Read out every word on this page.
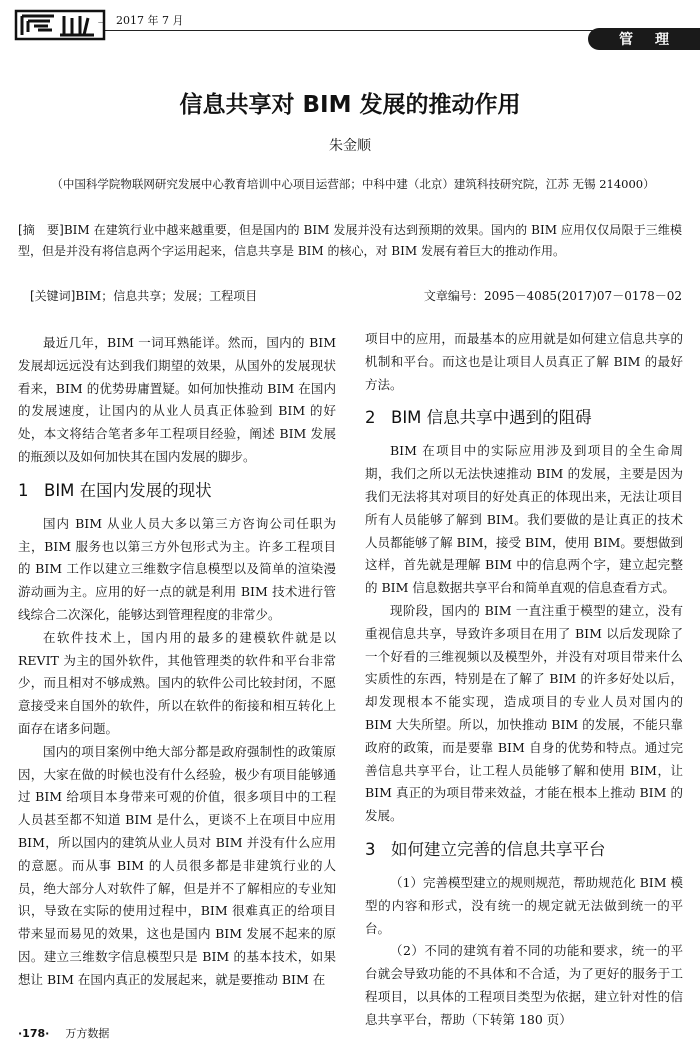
— 2017 年 7 月
管理
信息共享对 BIM 发展的推动作用
朱金顺
（中国科学院物联网研究发展中心教育培训中心项目运营部；中科中建（北京）建筑科技研究院，江苏 无锡 214000）
[摘　要]BIM 在建筑行业中越来越重要，但是国内的 BIM 发展并没有达到预期的效果。国内的 BIM 应用仅仅局限于三维模型，但是并没有将信息两个字运用起来，信息共享是 BIM 的核心，对 BIM 发展有着巨大的推动作用。
[关键词]BIM；信息共享；发展；工程项目	文章编号：2095－4085(2017)07－0178－02

最近几年，BIM 一词耳熟能详。然而，国内的 BIM 发展却远远没有达到我们期望的效果，从国外的发展现状看来，BIM 的优势毋庸置疑。如何加快推动 BIM 在国内的发展速度，让国内的从业人员真正体验到 BIM 的好处，本文将结合笔者多年工程项目经验，阐述 BIM 发展的瓶颈以及如何加快其在国内发展的脚步。

1 BIM 在国内发展的现状

国内 BIM 从业人员大多以第三方咨询公司任职为主，BIM 服务也以第三方外包形式为主。许多工程项目的 BIM 工作以建立三维数字信息模型以及简单的渲染漫游动画为主。应用的好一点的就是利用 BIM 技术进行管线综合二次深化，能够达到管理程度的非常少。

在软件技术上，国内用的最多的建模软件就是以 REVIT 为主的国外软件，其他管理类的软件和平台非常少，而且相对不够成熟。国内的软件公司比较封闭，不愿意接受来自国外的软件，所以在软件的衔接和相互转化上面存在诸多问题。

国内的项目案例中绝大部分都是政府强制性的政策原因，大家在做的时候也没有什么经验，极少有项目能够通过 BIM 给项目本身带来可观的价值，很多项目中的工程人员甚至都不知道 BIM 是什么，更谈不上在项目中应用 BIM，所以国内的建筑从业人员对 BIM 并没有什么应用的意愿。而从事 BIM 的人员很多都是非建筑行业的人员，绝大部分人对软件了解，但是并不了解相应的专业知识，导致在实际的使用过程中，BIM 很难真正的给项目带来显而易见的效果，这也是国内 BIM 发展不起来的原因。建立三维数字信息模型只是 BIM 的基本技术，如果想让 BIM 在国内真正的发展起来，就是要推动 BIM 在

项目中的应用，而最基本的应用就是如何建立信息共享的机制和平台。而这也是让项目人员真正了解 BIM 的最好方法。

2 BIM 信息共享中遇到的阻碍

BIM 在项目中的实际应用涉及到项目的全生命周期，我们之所以无法快速推动 BIM 的发展，主要是因为我们无法将其对项目的好处真正的体现出来，无法让项目所有人员能够了解到 BIM。我们要做的是让真正的技术人员都能够了解 BIM，接受 BIM，使用 BIM。要想做到这样，首先就是理解 BIM 中的信息两个字，建立起完整的 BIM 信息数据共享平台和简单直观的信息查看方式。

现阶段，国内的 BIM 一直注重于模型的建立，没有重视信息共享，导致许多项目在用了 BIM 以后发现除了一个好看的三维视频以及模型外，并没有对项目带来什么实质性的东西，特别是在了解了 BIM 的许多好处以后，却发现根本不能实现，造成项目的专业人员对国内的 BIM 大失所望。所以，加快推动 BIM 的发展，不能只靠政府的政策，而是要靠 BIM 自身的优势和特点。通过完善信息共享平台，让工程人员能够了解和使用 BIM，让 BIM 真正的为项目带来效益，才能在根本上推动 BIM 的发展。

3 如何建立完善的信息共享平台

（1）完善模型建立的规则规范，帮助规范化 BIM 模型的内容和形式，没有统一的规定就无法做到统一的平台。

（2）不同的建筑有着不同的功能和要求，统一的平台就会导致功能的不具体和不合适，为了更好的服务于工程项目，以具体的工程项目类型为依据，建立针对性的信息共享平台，帮助（下转第 180 页）

·178· 万方数据
